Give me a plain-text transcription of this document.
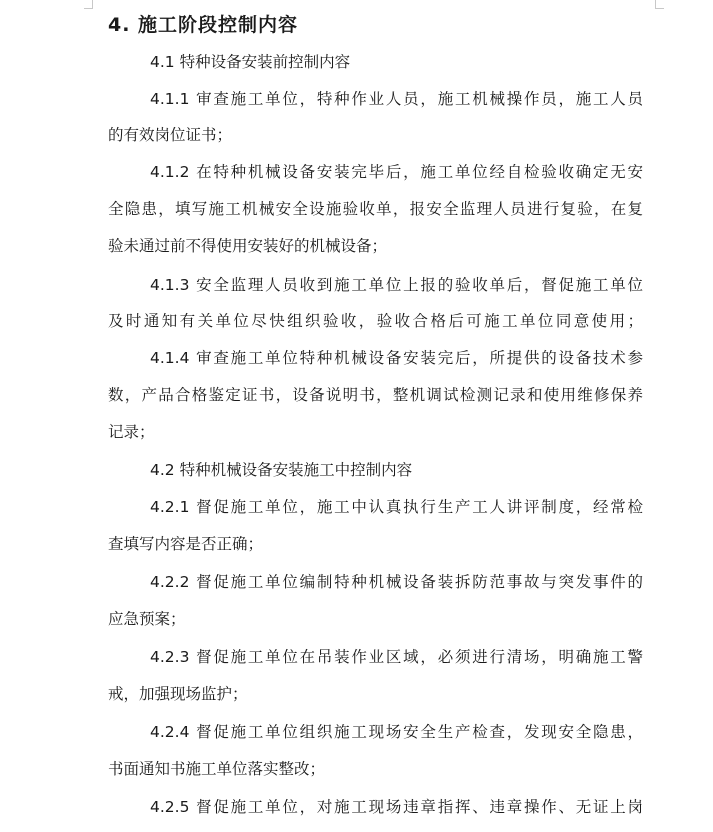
4. 施工阶段控制内容
4.1 特种设备安装前控制内容
4.1.1 审查施工单位，特种作业人员，施工机械操作员，施工人员
的有效岗位证书；
4.1.2 在特种机械设备安装完毕后，施工单位经自检验收确定无安
全隐患，填写施工机械安全设施验收单，报安全监理人员进行复验，在复
验未通过前不得使用安装好的机械设备；
4.1.3 安全监理人员收到施工单位上报的验收单后，督促施工单位
及时通知有关单位尽快组织验收，验收合格后可施工单位同意使用；
4.1.4 审查施工单位特种机械设备安装完后，所提供的设备技术参
数，产品合格鉴定证书，设备说明书，整机调试检测记录和使用维修保养
记录；
4.2 特种机械设备安装施工中控制内容
4.2.1 督促施工单位，施工中认真执行生产工人讲评制度，经常检
查填写内容是否正确；
4.2.2 督促施工单位编制特种机械设备装拆防范事故与突发事件的
应急预案；
4.2.3 督促施工单位在吊装作业区域，必须进行清场，明确施工警
戒，加强现场监护；
4.2.4 督促施工单位组织施工现场安全生产检查，发现安全隐患，
书面通知书施工单位落实整改；
4.2.5 督促施工单位，对施工现场违章指挥、违章操作、无证上岗
